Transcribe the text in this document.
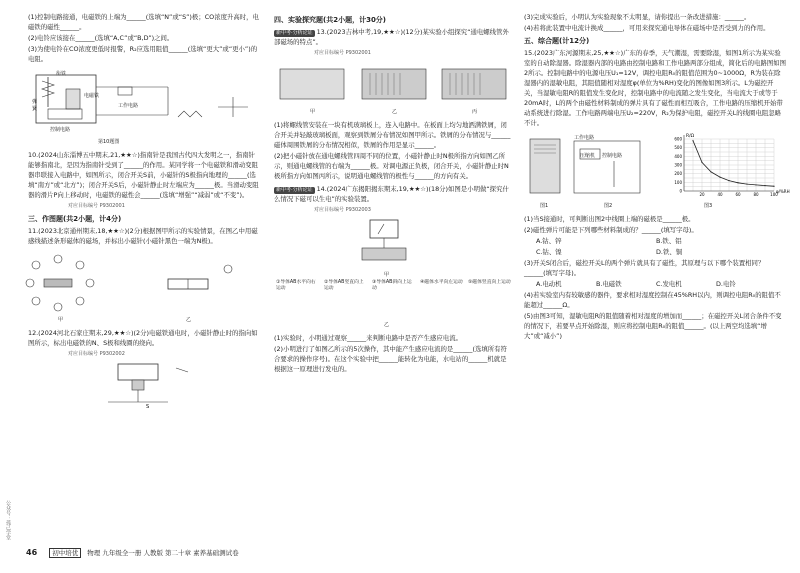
(1)控制电路接通，电磁铁的上端为______(选填“N”或“S”)极；CO浓度升高时，电磁铁的磁性______。

(2)电铃应该接在______(选填“A,C”或“B,D”)之间。

(3)为使电铃在CO浓度更低时报警，R₂应选用阻值______(选填“更大”或“更小”)的电阻。

弹
簧
衔铁
电磁铁
控制电路
工作电路
第10题图

10.(2024山东淄博五中期末,21,★★☆)指南针是我国古代四大发明之一，指南针能够指南北，是因为指南针受到了______的作用。某同学将一个电磁铁和滑动变阻器串联接入电路中，如图所示，闭合开关S前，小磁针的S极指向地理的______(选填“南方”或“北方”)；闭合开关S后，小磁针静止时左端应为______极。当滑动变阻器的滑片P向上移动时，电磁铁的磁性会______(选填“增强”“减弱”或“不变”)。

对应目标编号 P9302001

三、作图题(共2小题，计4分)

11.(2023北京通州期末,18,★★☆)(2分)根据图甲所示的实验情景，在图乙中用磁感线描述条形磁体的磁场，并标出小磁针(小磁针黑色一端为N极)。

甲	乙

12.(2024河北石家庄期末,29,★★☆)(2分)电磁铁通电时，小磁针静止时的指向如图所示，标出电磁铁的N、S极和线圈的绕向。

对应目标编号 P9302002

S

四、实验探究题(共2小题，计30分)

新中考·分析论证 13.(2023吉林中考,19,★★☆)(12分)某实验小组探究“通电螺线管外部磁场的特点”。

对应目标编号 P9302001

甲	乙	丙

(1)将螺线管安装在一块有机玻璃板上，连入电路中。在板面上均匀地洒满铁屑，闭合开关并轻敲玻璃板面，观察到铁屑分布情况如图甲所示。铁屑的分布情况与______磁体周围铁屑的分布情况相似，铁屑的作用是显示______。

(2)把小磁针放在通电螺线管四周不同的位置，小磁针静止时N极所指方向如图乙所示，则通电螺线管的右端为______极。对调电源正负极，闭合开关，小磁针静止时N极所指方向如图丙所示，说明通电螺线管的极性与______的方向有关。

新中考·分析论证 14.(2024广东揭阳揭东期末,19,★★☆)(18分)如图是小明做“探究什么情况下磁可以生电”的实验装置。

对应目标编号 P9302003

甲
①导体AB水平向右运动
②导体AB竖直向上运动
③导体AB斜向上运动
④磁体水平向左运动 ⑤磁体竖直向上运动
乙

(1)实验时，小明通过观察______来判断电路中是否产生感应电流。

(2)小明进行了如图乙所示的5次操作，其中能产生感应电流的是______(选填所有符合要求的操作序号)。在这个实验中把______能转化为电能，水电站的______机就是根据这一原理进行发电的。

(3)完成实验后，小明认为实验现象不太明显，请你提出一条改进措施：______。

(4)若将此装置中电流计换成______，可用来探究通电导体在磁场中是否受到力的作用。

五、综合题(计12分)

15.(2023广东河源期末,25,★★☆)广东的春季，天气潮湿，需要除湿，如图1所示为某实验室的自动除湿器。除湿器内部的电路由控制电路和工作电路两部分组成，简化后的电路图如图2所示。控制电路中的电源电压U₁=12V，调控电阻R₀的阻值范围为0~1000Ω，R为装在除湿器内的湿敏电阻，其阻值随相对湿度φ(单位为%RH)变化的图像如图3所示。L为磁控开关，当湿敏电阻R的阻值发生变化时，控制电路中的电流随之发生变化，当电流大于或等于20mA时，L的两个由磁性材料制成的弹片具有了磁性而相互吸合，工作电路的压缩机开始带动系统进行除湿。工作电路两端电压U₂=220V，R₂为保护电阻，磁控开关L的线圈电阻忽略不计。

600
500
400
300
200
100
0
20	40	60	80	100
R/Ω
φ/%RH
工作电路
压缩机 控制电路
图1	图2	图3

(1)当S接通时，可判断出图2中线圈上端的磁极是______极。

(2)磁性弹片可能是下列哪些材料制成的？______(填写字母)。

A.钴、锌	B.铁、铝

C.钴、镍	D.铁、铜

(3)开关S闭合后，磁控开关L的两个弹片就具有了磁性，其原理与以下哪个装置相同？______(填写字母)。

A.电动机	B.电磁铁	C.发电机	D.电铃

(4)若实验室内有较敏感的器件，要求相对湿度控制在45%RH以内，则调控电阻R₀的阻值不能超过______Ω。

(5)由图3可知，湿敏电阻R的阻值随着相对湿度的增加而______；在磁控开关L闭合条件不变的情况下，若要早点开始除湿，则应将控制电阻R₀的阻值______。(以上两空均选填“增大”或“减小”)

46 初中培优 物理 九年级全一册 人教版 第二十章 素养基础测试卷
公众号：孤己学堂
